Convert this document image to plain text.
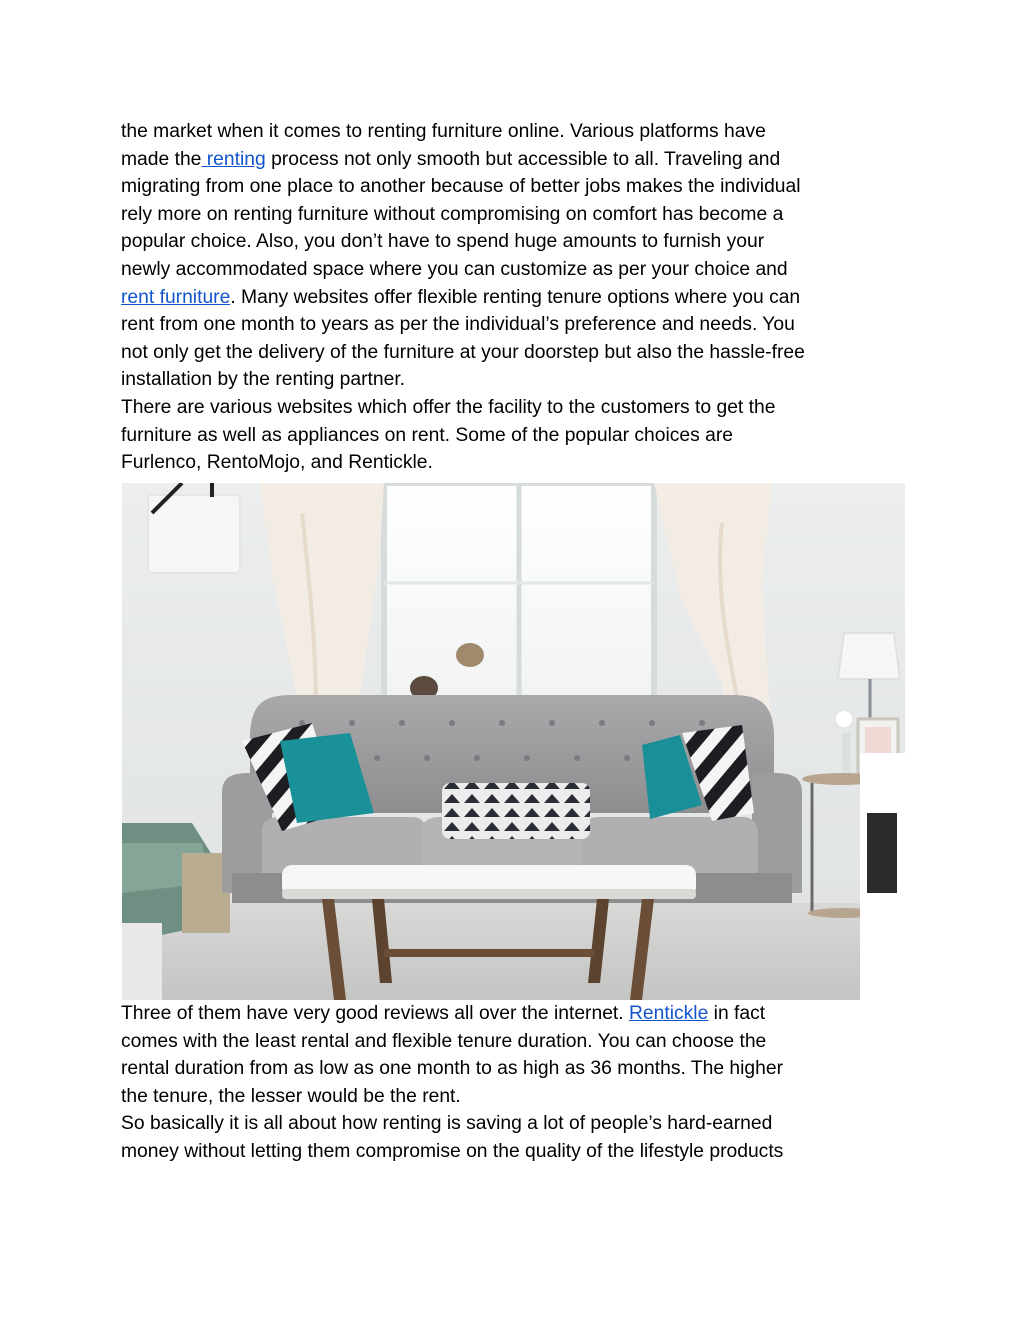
the market when it comes to renting furniture online. Various platforms have
made the renting process not only smooth but accessible to all. Traveling and
migrating from one place to another because of better jobs makes the individual
rely more on renting furniture without compromising on comfort has become a
popular choice. Also, you don’t have to spend huge amounts to furnish your
newly accommodated space where you can customize as per your choice and
rent furniture. Many websites offer flexible renting tenure options where you can
rent from one month to years as per the individual’s preference and needs. You
not only get the delivery of the furniture at your doorstep but also the hassle-free
installation by the renting partner.

There are various websites which offer the facility to the customers to get the
furniture as well as appliances on rent. Some of the popular choices are
Furlenco, RentoMojo, and Rentickle.

Three of them have very good reviews all over the internet. Rentickle in fact
comes with the least rental and flexible tenure duration. You can choose the
rental duration from as low as one month to as high as 36 months. The higher
the tenure, the lesser would be the rent.

So basically it is all about how renting is saving a lot of people’s hard-earned
money without letting them compromise on the quality of the lifestyle products
